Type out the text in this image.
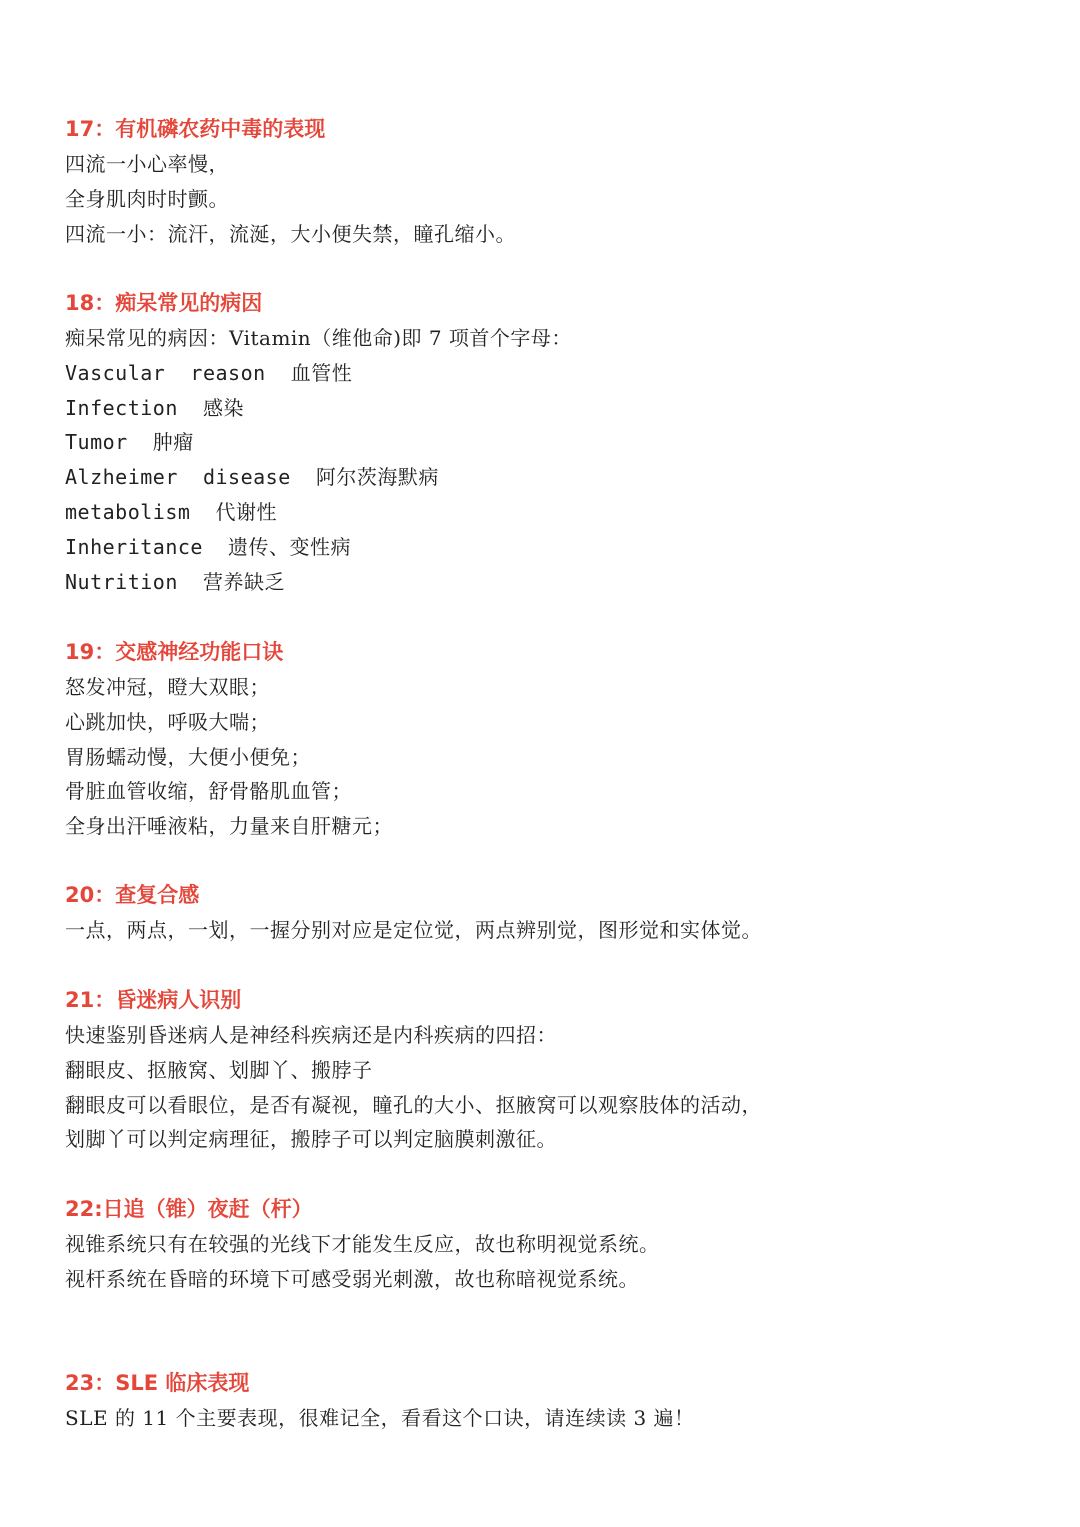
17：有机磷农药中毒的表现
四流一小心率慢，
全身肌肉时时颤。
四流一小：流汗，流涎，大小便失禁，瞳孔缩小。
18：痴呆常见的病因
痴呆常见的病因：Vitamin（维他命)即 7 项首个字母：
Vascular  reason  血管性
Infection  感染
Tumor  肿瘤
Alzheimer  disease  阿尔茨海默病
metabolism  代谢性
Inheritance  遗传、变性病
Nutrition  营养缺乏
19：交感神经功能口诀
怒发冲冠，瞪大双眼；
心跳加快，呼吸大喘；
胃肠蠕动慢，大便小便免；
骨脏血管收缩，舒骨骼肌血管；
全身出汗唾液粘，力量来自肝糖元；
20：查复合感
一点，两点，一划，一握分别对应是定位觉，两点辨别觉，图形觉和实体觉。
21：昏迷病人识别
快速鉴别昏迷病人是神经科疾病还是内科疾病的四招：
翻眼皮、抠腋窝、划脚丫、搬脖子
翻眼皮可以看眼位，是否有凝视，瞳孔的大小、抠腋窝可以观察肢体的活动，
划脚丫可以判定病理征，搬脖子可以判定脑膜刺激征。
22:日追（锥）夜赶（杆）
视锥系统只有在较强的光线下才能发生反应，故也称明视觉系统。
视杆系统在昏暗的环境下可感受弱光刺激，故也称暗视觉系统。
23：SLE 临床表现
SLE 的 11 个主要表现，很难记全，看看这个口诀，请连续读 3 遍！
